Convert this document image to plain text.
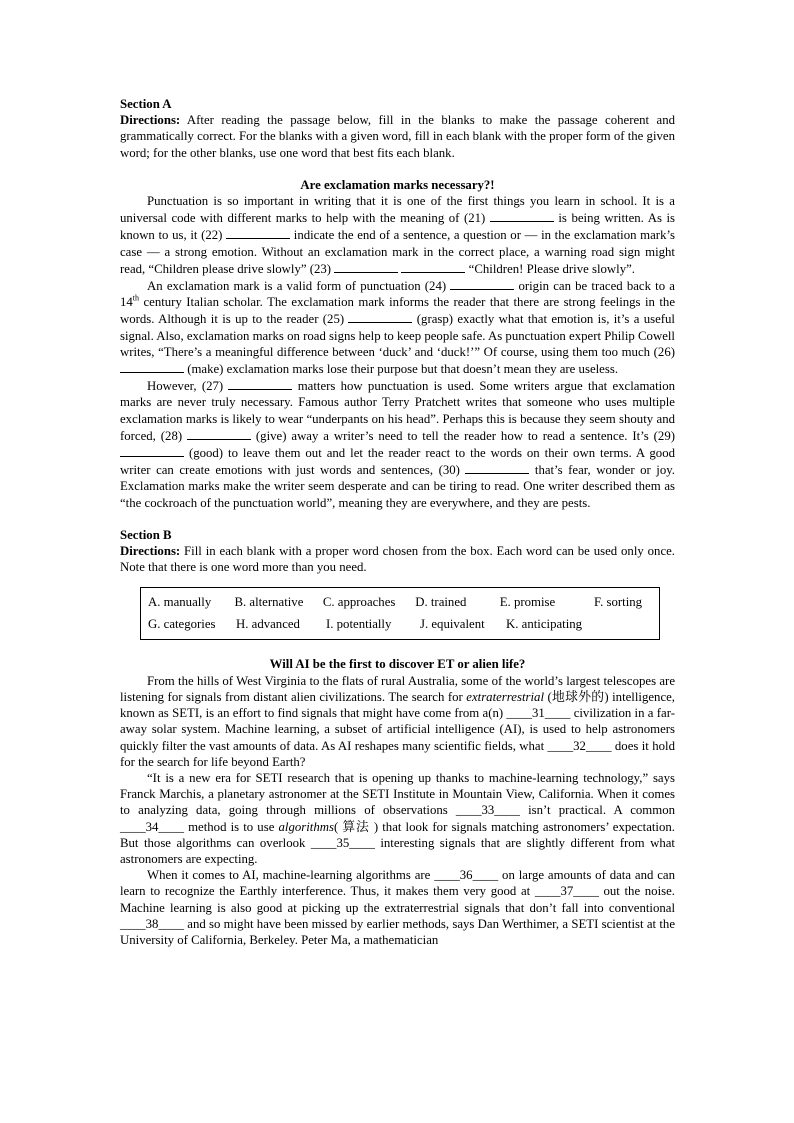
Section A

Directions: After reading the passage below, fill in the blanks to make the passage coherent and grammatically correct. For the blanks with a given word, fill in each blank with the proper form of the given word; for the other blanks, use one word that best fits each blank.

Are exclamation marks necessary?!

Punctuation is so important in writing that it is one of the first things you learn in school. It is a universal code with different marks to help with the meaning of (21)	is being written. As is known to us, it (22)	indicate the end of a sentence, a question or — in the exclamation mark’s case — a strong emotion. Without an exclamation mark in the correct place, a warning road sign might read, “Children please drive slowly” (23)	“Children! Please drive slowly”.

An exclamation mark is a valid form of punctuation (24)	origin can be traced back to a 14th century Italian scholar. The exclamation mark informs the reader that there are strong feelings in the words. Although it is up to the reader (25)	(grasp) exactly what that emotion is, it’s a useful signal. Also, exclamation marks on road signs help to keep people safe. As punctuation expert Philip Cowell writes, “There’s a meaningful difference between ‘duck’ and ‘duck!’” Of course, using them too much (26)  (make) exclamation marks lose their purpose but that doesn’t mean they are useless.

However, (27)	matters how punctuation is used. Some writers argue that exclamation marks are never truly necessary. Famous author Terry Pratchett writes that someone who uses multiple exclamation marks is likely to wear “underpants on his head”. Perhaps this is because they seem shouty and forced, (28)	(give) away a writer’s need to tell the reader how to read a sentence. It’s (29)  (good) to leave them out and let the reader react to the words on their own terms. A good writer can create emotions with just words and sentences, (30)	that’s fear, wonder or joy. Exclamation marks make the writer seem desperate and can be tiring to read. One writer described them as “the cockroach of the punctuation world”, meaning they are everywhere, and they are pests.

Section B

Directions: Fill in each blank with a proper word chosen from the box. Each word can be used only once. Note that there is one word more than you need.

A. manually	B. alternative	C. approaches	D. trained	E. promise	F. sorting
G. categories	H. advanced	I. potentially	J. equivalent	K. anticipating

Will AI be the first to discover ET or alien life?

From the hills of West Virginia to the flats of rural Australia, some of the world’s largest telescopes are listening for signals from distant alien civilizations. The search for extraterrestrial (地球外的) intelligence, known as SETI, is an effort to find signals that might have come from a(n) ____31____ civilization in a far-away solar system. Machine learning, a subset of artificial intelligence (AI), is used to help astronomers quickly filter the vast amounts of data. As AI reshapes many scientific fields, what ____32____ does it hold for the search for life beyond Earth?

“It is a new era for SETI research that is opening up thanks to machine-learning technology,” says Franck Marchis, a planetary astronomer at the SETI Institute in Mountain View, California. When it comes to analyzing data, going through millions of observations ____33____ isn’t practical. A common ____34____ method is to use algorithms( 算法 ) that look for signals matching astronomers’ expectation. But those algorithms can overlook ____35____ interesting signals that are slightly different from what astronomers are expecting.

When it comes to AI, machine-learning algorithms are ____36____ on large amounts of data and can learn to recognize the Earthly interference. Thus, it makes them very good at ____37____ out the noise. Machine learning is also good at picking up the extraterrestrial signals that don’t fall into conventional ____38____ and so might have been missed by earlier methods, says Dan Werthimer, a SETI scientist at the University of California, Berkeley. Peter Ma, a mathematician
